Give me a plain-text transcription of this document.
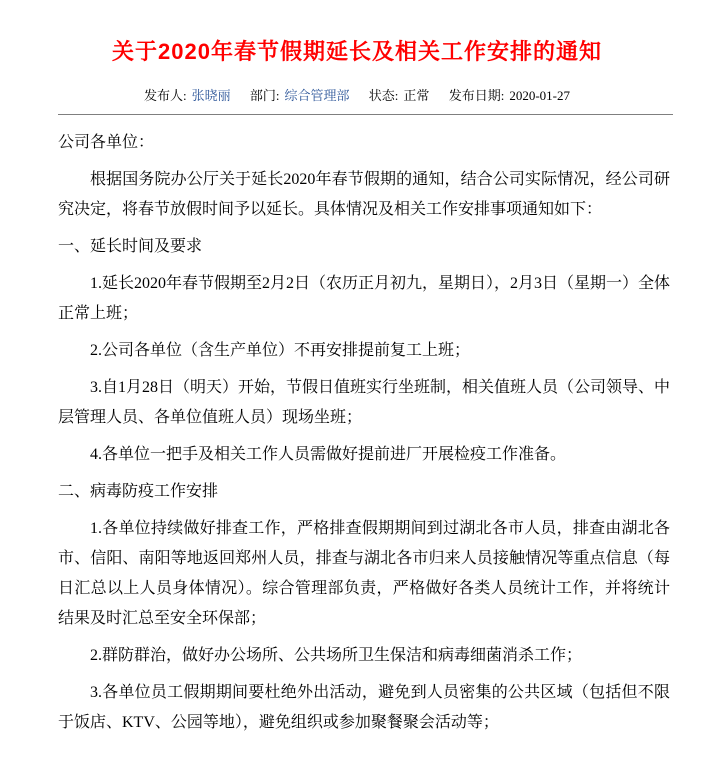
关于2020年春节假期延长及相关工作安排的通知
发布人: 张晓丽 部门: 综合管理部 状态: 正常 发布日期: 2020-01-27

公司各单位：

根据国务院办公厅关于延长2020年春节假期的通知，结合公司实际情况，经公司研究决定，将春节放假时间予以延长。具体情况及相关工作安排事项通知如下：

一、延长时间及要求

1.延长2020年春节假期至2月2日（农历正月初九，星期日），2月3日（星期一）全体正常上班；

2.公司各单位（含生产单位）不再安排提前复工上班；

3.自1月28日（明天）开始，节假日值班实行坐班制，相关值班人员（公司领导、中层管理人员、各单位值班人员）现场坐班；

4.各单位一把手及相关工作人员需做好提前进厂开展检疫工作准备。

二、病毒防疫工作安排

1.各单位持续做好排查工作，严格排查假期期间到过湖北各市人员，排查由湖北各市、信阳、南阳等地返回郑州人员，排查与湖北各市归来人员接触情况等重点信息（每日汇总以上人员身体情况）。综合管理部负责，严格做好各类人员统计工作，并将统计结果及时汇总至安全环保部；

2.群防群治，做好办公场所、公共场所卫生保洁和病毒细菌消杀工作；

3.各单位员工假期期间要杜绝外出活动，避免到人员密集的公共区域（包括但不限于饭店、KTV、公园等地），避免组织或参加聚餐聚会活动等；
